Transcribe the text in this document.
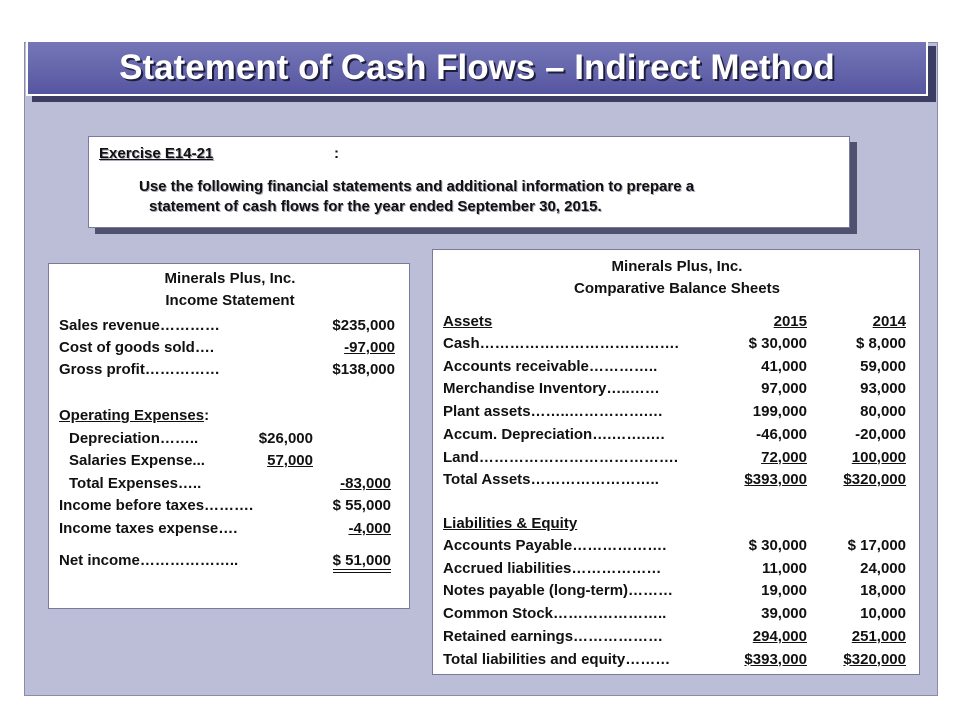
Statement of Cash Flows – Indirect Method
Exercise E14-21	:
Use the following financial statements and additional information to prepare a
statement of cash flows for the year ended September 30, 2015.
Minerals Plus, Inc.
Income Statement
Sales revenue…………	$235,000
Cost of goods sold….	-97,000
Gross profit……………	$138,000
Operating Expenses:
Depreciation……..	$26,000
Salaries Expense...	57,000
Total Expenses…..	-83,000
Income before taxes……….	$ 55,000
Income taxes expense….	-4,000
Net income………………..	$ 51,000
Minerals Plus, Inc.
Comparative Balance Sheets
Assets	2015	2014
Cash………………………………….	$ 30,000	$ 8,000
Accounts receivable…………..	41,000	59,000
Merchandise Inventory…..……	97,000	93,000
Plant assets……..…………….…	199,000	80,000
Accum. Depreciation….…….….	-46,000	-20,000
Land………………………………….	72,000	100,000
Total Assets……………………..	$393,000	$320,000
Liabilities & Equity
Accounts Payable……………….	$ 30,000	$ 17,000
Accrued liabilities………………	11,000	24,000
Notes payable (long-term)………	19,000	18,000
Common Stock…………………..	39,000	10,000
Retained earnings………………	294,000	251,000
Total liabilities and equity………	$393,000	$320,000
